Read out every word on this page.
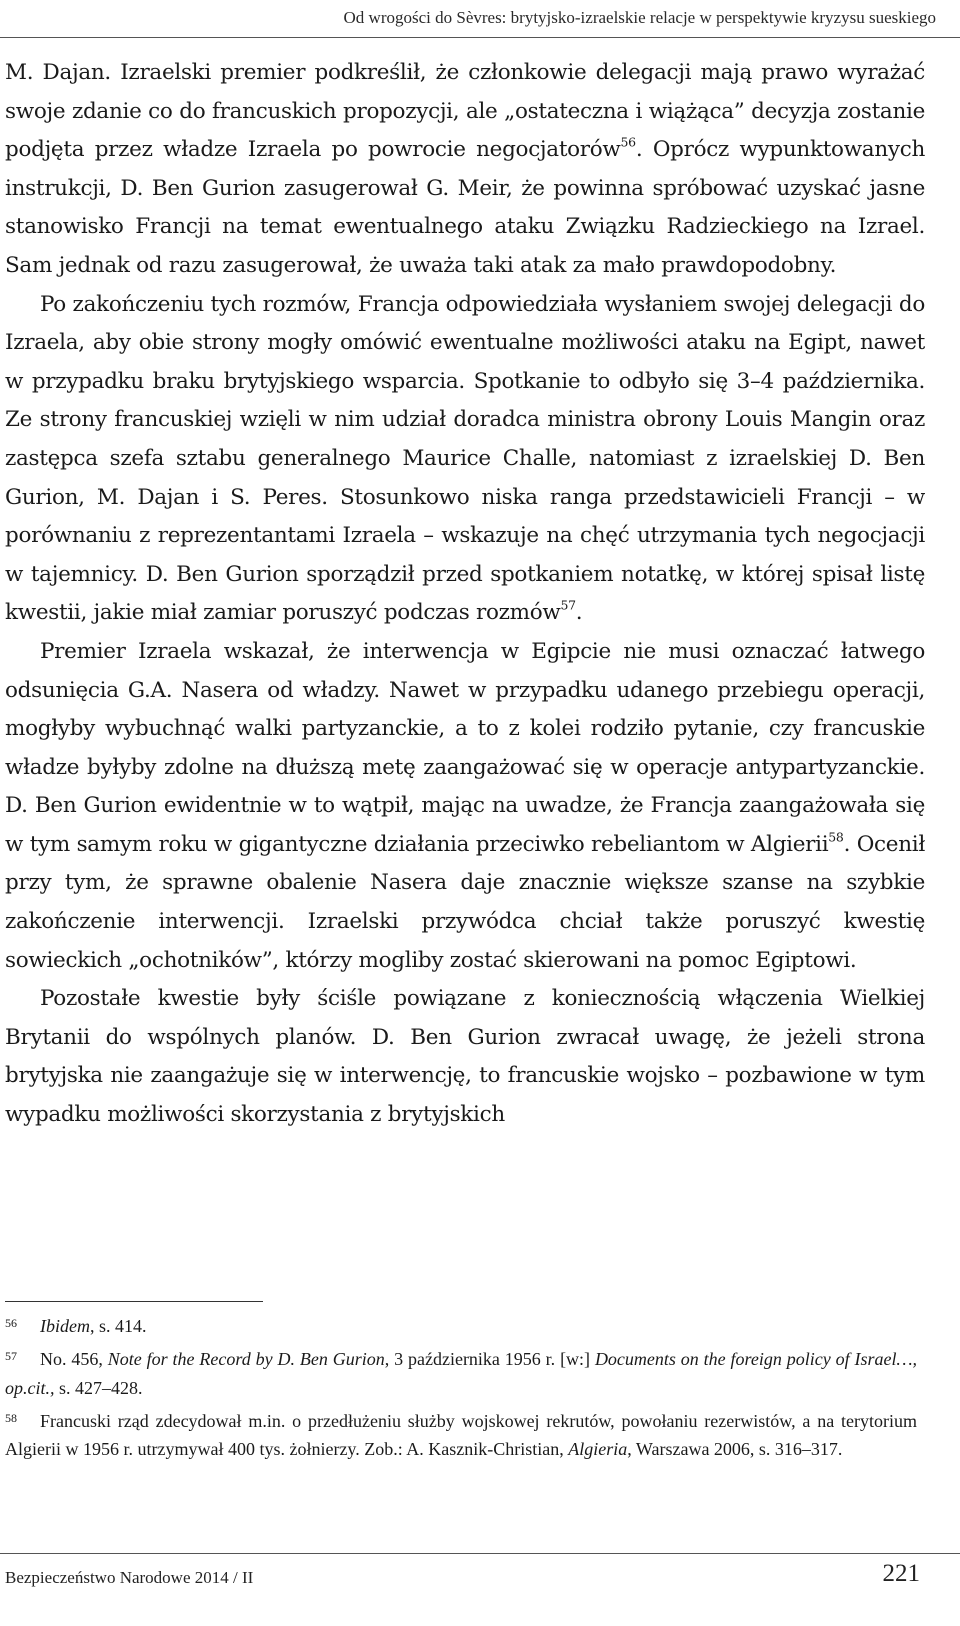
Od wrogości do Sèvres: brytyjsko-izraelskie relacje w perspektywie kryzysu sueskiego

M. Dajan. Izraelski premier podkreślił, że członkowie delegacji mają prawo wyrażać swoje zdanie co do francuskich propozycji, ale „ostateczna i wiążąca” decyzja zostanie podjęta przez władze Izraela po powrocie negocjatorów$^{56}$. Oprócz wypunktowanych instrukcji, D. Ben Gurion zasugerował G. Meir, że powinna spróbować uzyskać jasne stanowisko Francji na temat ewentualnego ataku Związku Radzieckiego na Izrael. Sam jednak od razu zasugerował, że uważa taki atak za mało prawdopodobny.

Po zakończeniu tych rozmów, Francja odpowiedziała wysłaniem swojej delegacji do Izraela, aby obie strony mogły omówić ewentualne możliwości ataku na Egipt, nawet w przypadku braku brytyjskiego wsparcia. Spotkanie to odbyło się 3–4 października. Ze strony francuskiej wzięli w nim udział doradca ministra obrony Louis Mangin oraz zastępca szefa sztabu generalnego Maurice Challe, natomiast z izraelskiej D. Ben Gurion, M. Dajan i S. Peres. Stosunkowo niska ranga przedstawicieli Francji – w porównaniu z reprezentantami Izraela – wskazuje na chęć utrzymania tych negocjacji w tajemnicy. D. Ben Gurion sporządził przed spotkaniem notatkę, w której spisał listę kwestii, jakie miał zamiar poruszyć podczas rozmów$^{57}$.

Premier Izraela wskazał, że interwencja w Egipcie nie musi oznaczać łatwego odsunięcia G.A. Nasera od władzy. Nawet w przypadku udanego przebiegu operacji, mogłyby wybuchnąć walki partyzanckie, a to z kolei rodziło pytanie, czy francuskie władze byłyby zdolne na dłuższą metę zaangażować się w operacje antypartyzanckie. D. Ben Gurion ewidentnie w to wątpił, mając na uwadze, że Francja zaangażowała się w tym samym roku w gigantyczne działania przeciwko rebeliantom w Algierii$^{58}$. Ocenił przy tym, że sprawne obalenie Nasera daje znacznie większe szanse na szybkie zakończenie interwencji. Izraelski przywódca chciał także poruszyć kwestię sowieckich „ochotników”, którzy mogliby zostać skierowani na pomoc Egiptowi.

Pozostałe kwestie były ściśle powiązane z koniecznością włączenia Wielkiej Brytanii do wspólnych planów. D. Ben Gurion zwracał uwagę, że jeżeli strona brytyjska nie zaangażuje się w interwencję, to francuskie wojsko – pozbawione w tym wypadku możliwości skorzystania z brytyjskich

56 Ibidem, s. 414.

57 No. 456, Note for the Record by D. Ben Gurion, 3 października 1956 r. [w:] Documents on the foreign policy of Israel…, op.cit., s. 427–428.

58 Francuski rząd zdecydował m.in. o przedłużeniu służby wojskowej rekrutów, powołaniu rezerwistów, a na terytorium Algierii w 1956 r. utrzymywał 400 tys. żołnierzy. Zob.: A. Kasznik-Christian, Algieria, Warszawa 2006, s. 316–317.

Bezpieczeństwo Narodowe 2014 / II	221
